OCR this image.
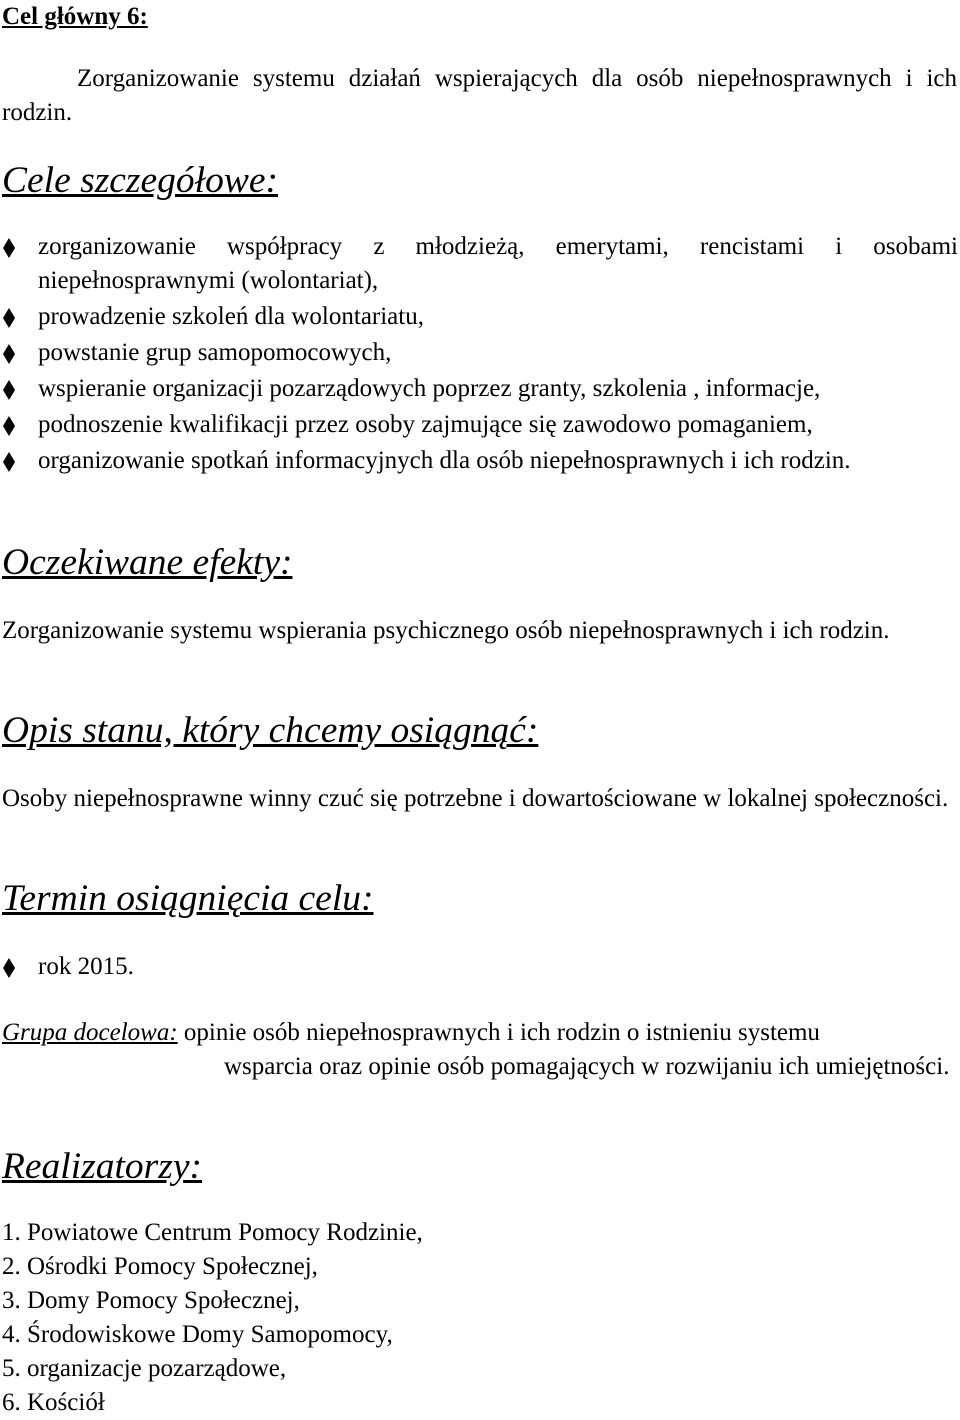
Cel główny 6:

Zorganizowanie systemu działań wspierających dla osób niepełnosprawnych i ich rodzin.

Cele szczegółowe:
zorganizowanie współpracy z młodzieżą, emerytami, rencistami i osobami niepełnosprawnymi (wolontariat),
prowadzenie szkoleń dla wolontariatu,
powstanie grup samopomocowych,
wspieranie organizacji pozarządowych poprzez granty, szkolenia , informacje,
podnoszenie kwalifikacji przez osoby zajmujące się zawodowo pomaganiem,
organizowanie spotkań informacyjnych dla osób niepełnosprawnych i ich rodzin.
Oczekiwane efekty:

Zorganizowanie systemu wspierania psychicznego osób niepełnosprawnych i ich rodzin.

Opis stanu, który chcemy osiągnąć:

Osoby niepełnosprawne winny czuć się potrzebne i dowartościowane w lokalnej społeczności.

Termin osiągnięcia celu:
rok 2015.

Grupa docelowa: opinie osób niepełnosprawnych i ich rodzin o istnieniu systemu

wsparcia oraz opinie osób pomagających w rozwijaniu ich umiejętności.

Realizatorzy:
1. Powiatowe Centrum Pomocy Rodzinie,
2. Ośrodki Pomocy Społecznej,
3. Domy Pomocy Społecznej,
4. Środowiskowe Domy Samopomocy,
5. organizacje pozarządowe,
6. Kościół
